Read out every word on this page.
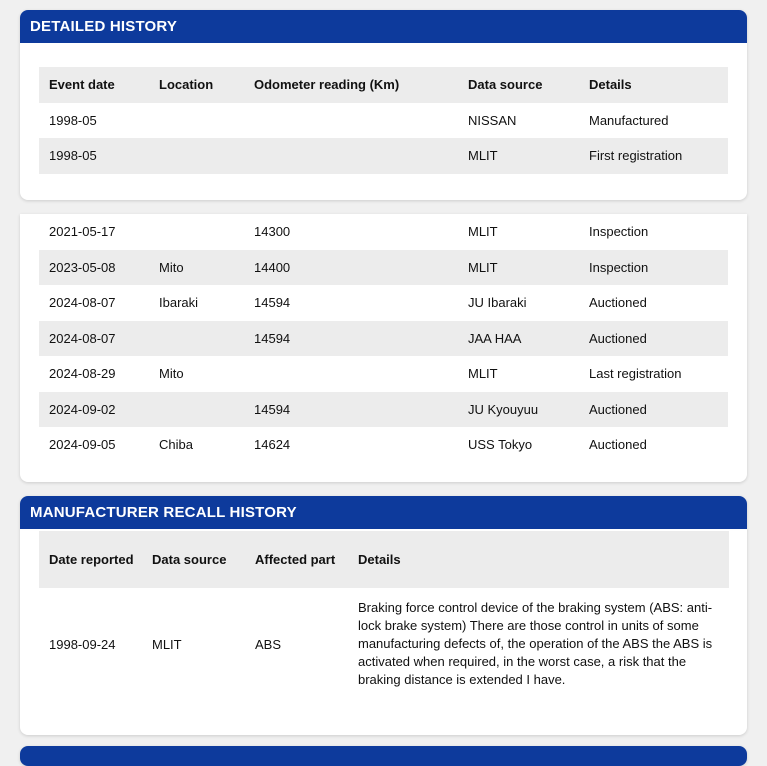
DETAILED HISTORY
Event date	Location	Odometer reading (Km)	Data source	Details
1998-05			NISSAN	Manufactured
1998-05			MLIT	First registration
2021-05-17		14300	MLIT	Inspection
2023-05-08	Mito	14400	MLIT	Inspection
2024-08-07	Ibaraki	14594	JU Ibaraki	Auctioned
2024-08-07		14594	JAA HAA	Auctioned
2024-08-29	Mito		MLIT	Last registration
2024-09-02		14594	JU Kyouyuu	Auctioned
2024-09-05	Chiba	14624	USS Tokyo	Auctioned
MANUFACTURER RECALL HISTORY
Date reported	Data source	Affected part	Details
1998-09-24	MLIT	ABS	Braking force control device of the braking system (ABS: anti-lock brake system) There are those control in units of some manufacturing defects of, the operation of the ABS the ABS is activated when required, in the worst case, a risk that the braking distance is extended I have.
